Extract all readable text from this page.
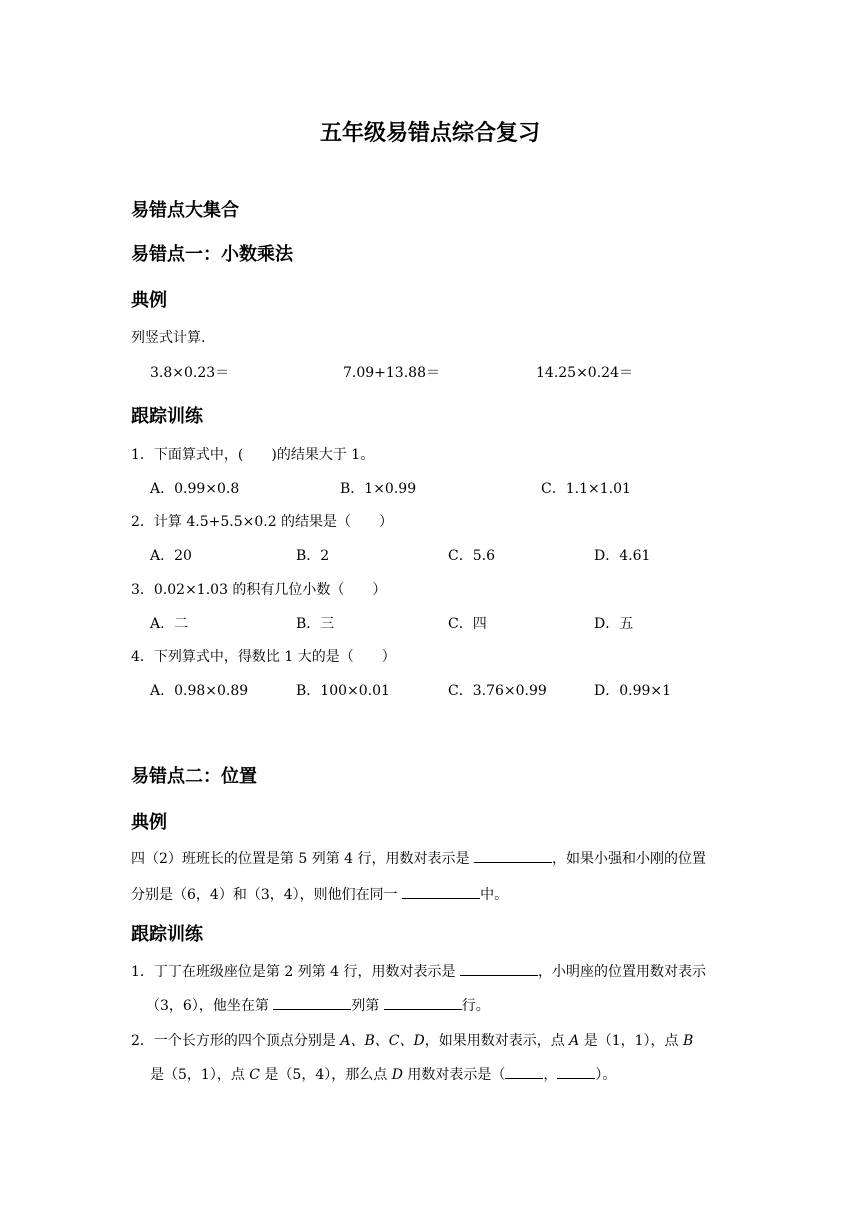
五年级易错点综合复习
易错点大集合
易错点一：小数乘法
典例
列竖式计算.
3.8×0.23＝	7.09+13.88＝	14.25×0.24＝
跟踪训练
1．下面算式中，(　　)的结果大于 1。
A．0.99×0.8	B．1×0.99	C．1.1×1.01
2．计算 4.5+5.5×0.2 的结果是（　　）
A．20	B．2	C．5.6	D．4.61
3．0.02×1.03 的积有几位小数（　　）
A．二	B．三	C．四	D．五
4．下列算式中，得数比 1 大的是（　　）
A．0.98×0.89	B．100×0.01	C．3.76×0.99	D．0.99×1
易错点二：位置
典例
四（2）班班长的位置是第 5 列第 4 行，用数对表示是	，如果小强和小刚的位置
分别是（6，4）和（3，4），则他们在同一	中。
跟踪训练
1．丁丁在班级座位是第 2 列第 4 行，用数对表示是	，小明座的位置用数对表示
（3，6），他坐在第	列第	行。
2．一个长方形的四个顶点分别是 A、B、C、D，如果用数对表示，点 A 是（1，1），点 B
是（5，1），点 C 是（5，4），那么点 D 用数对表示是（	，	）。
